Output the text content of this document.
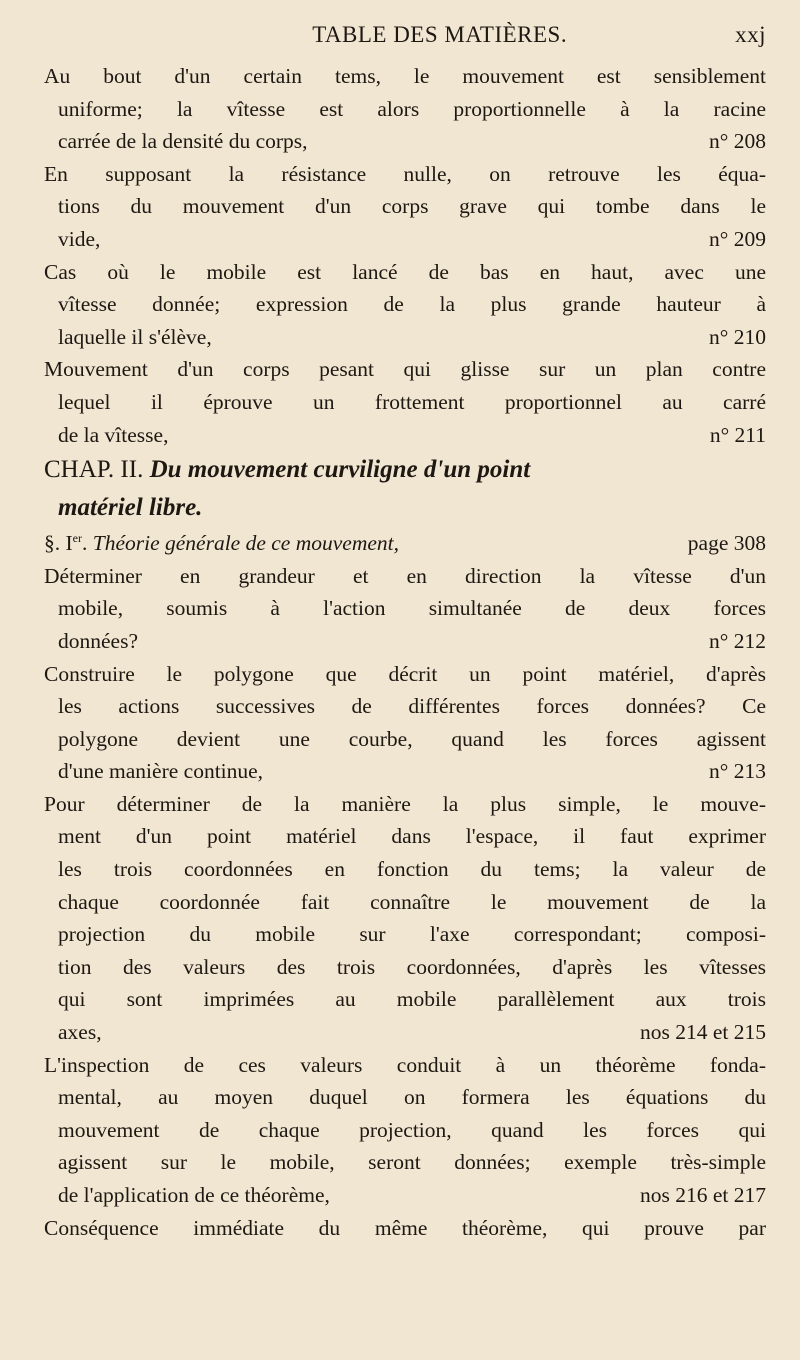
TABLE DES MATIÈRES.	xxj
Au bout d'un certain tems, le mouvement est sensiblement
uniforme; la vîtesse est alors proportionnelle à la racine
carrée de la densité du corps,	n° 208
En supposant la résistance nulle, on retrouve les équa-
tions du mouvement d'un corps grave qui tombe dans le
vide,	n° 209
Cas où le mobile est lancé de bas en haut, avec une
vîtesse donnée; expression de la plus grande hauteur à
laquelle il s'élève,	n° 210
Mouvement d'un corps pesant qui glisse sur un plan contre
lequel il éprouve un frottement proportionnel au carré
de la vîtesse,	n° 211
CHAP. II. Du mouvement curviligne d'un point
matériel libre.
§. Ier. Théorie générale de ce mouvement,	page 308
Déterminer en grandeur et en direction la vîtesse d'un
mobile, soumis à l'action simultanée de deux forces
données?	n° 212
Construire le polygone que décrit un point matériel, d'après
les actions successives de différentes forces données? Ce
polygone devient une courbe, quand les forces agissent
d'une manière continue,	n° 213
Pour déterminer de la manière la plus simple, le mouve-
ment d'un point matériel dans l'espace, il faut exprimer
les trois coordonnées en fonction du tems; la valeur de
chaque coordonnée fait connaître le mouvement de la
projection du mobile sur l'axe correspondant; composi-
tion des valeurs des trois coordonnées, d'après les vîtesses
qui sont imprimées au mobile parallèlement aux trois
axes,	nos 214 et 215
L'inspection de ces valeurs conduit à un théorème fonda-
mental, au moyen duquel on formera les équations du
mouvement de chaque projection, quand les forces qui
agissent sur le mobile, seront données; exemple très-simple
de l'application de ce théorème,	nos 216 et 217
Conséquence immédiate du même théorème, qui prouve par
